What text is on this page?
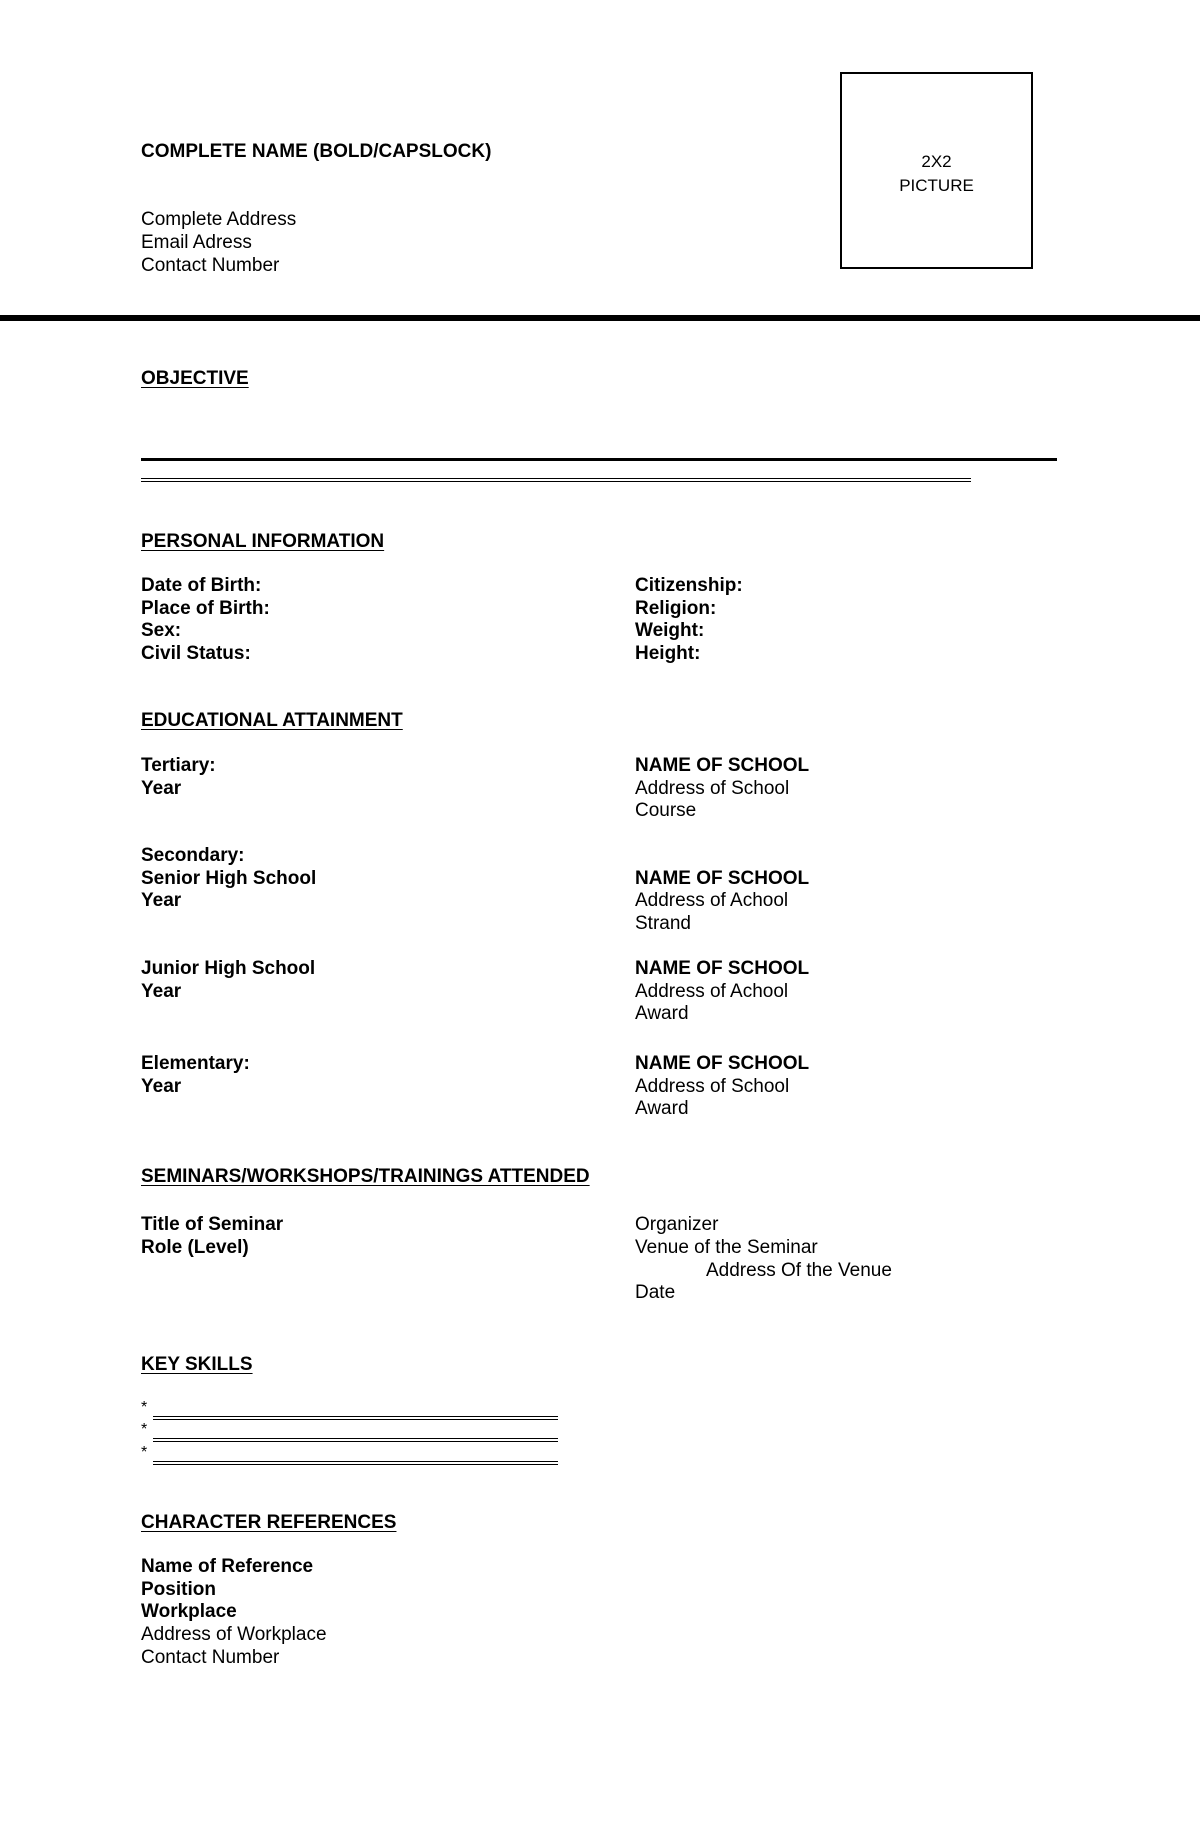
COMPLETE NAME (BOLD/CAPSLOCK)
Complete Address
Email Adress
Contact Number
2X2
PICTURE
OBJECTIVE
PERSONAL INFORMATION
Date of Birth:
Place of Birth:
Sex:
Civil Status:
Citizenship:
Religion:
Weight:
Height:
EDUCATIONAL ATTAINMENT
Tertiary:
Year
NAME OF SCHOOL
Address of School
Course
Secondary:
Senior High School
Year
NAME OF SCHOOL
Address of Achool
Strand
Junior High School
Year
NAME OF SCHOOL
Address of Achool
Award
Elementary:
Year
NAME OF SCHOOL
Address of School
Award
SEMINARS/WORKSHOPS/TRAININGS ATTENDED
Title of Seminar
Role (Level)
Organizer
Venue of the Seminar
Address Of the Venue
Date
KEY SKILLS
*
*
*
CHARACTER REFERENCES
Name of Reference
Position
Workplace
Address of Workplace
Contact Number
